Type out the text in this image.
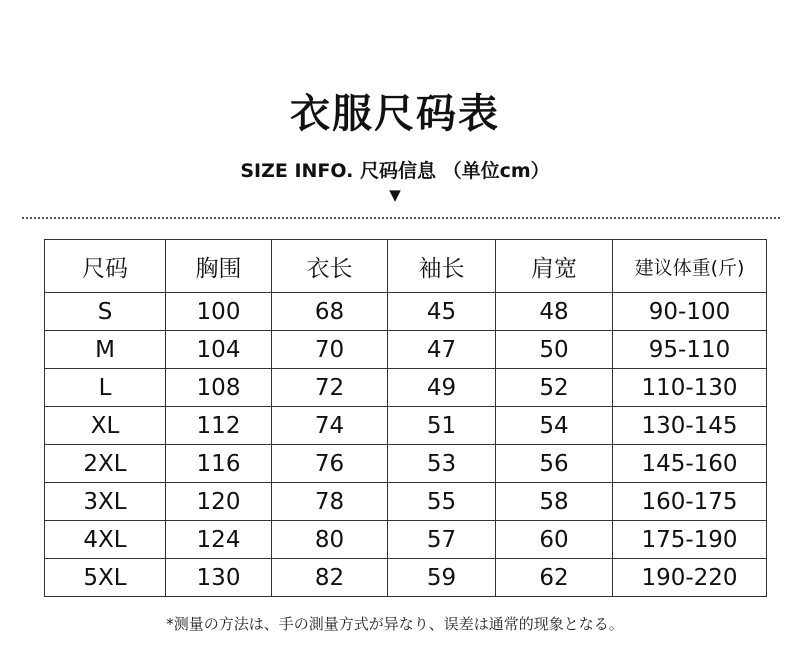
衣服尺码表
SIZE INFO. 尺码信息 （单位cm）
▼
尺码	胸围	衣长	袖长	肩宽	建议体重(斤)
S	100	68	45	48	90-100
M	104	70	47	50	95-110
L	108	72	49	52	110-130
XL	112	74	51	54	130-145
2XL	116	76	53	56	145-160
3XL	120	78	55	58	160-175
4XL	124	80	57	60	175-190
5XL	130	82	59	62	190-220
*测量の方法は、手の測量方式が异なり、误差は通常的现象となる。
